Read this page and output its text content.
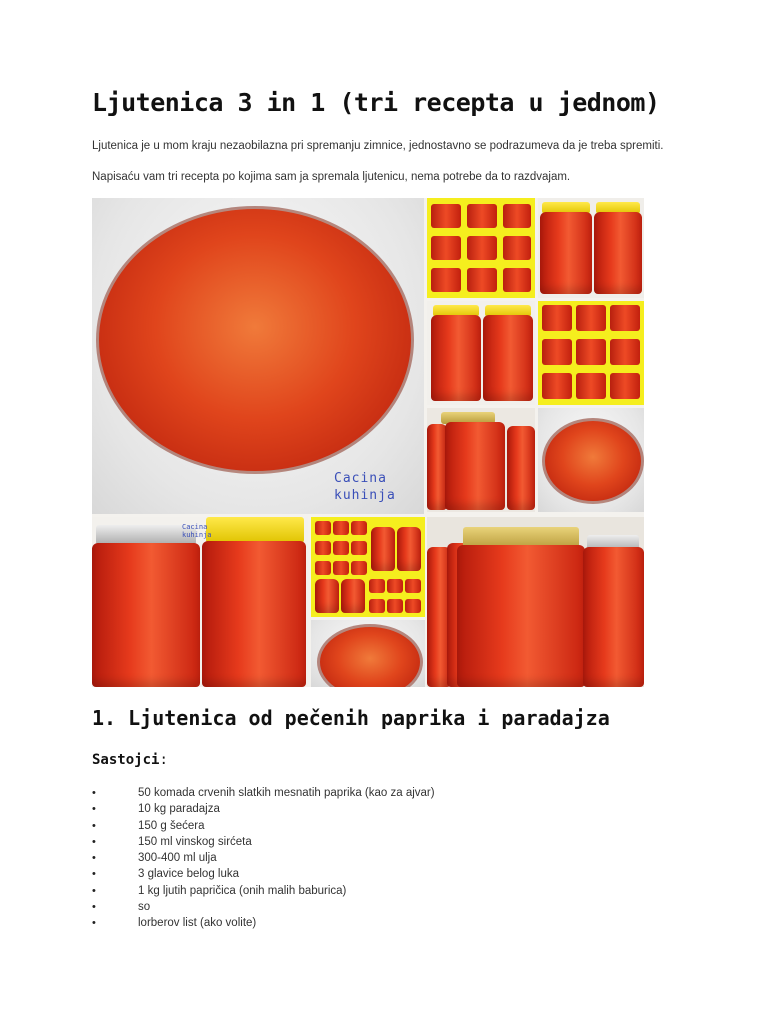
Ljutenica 3 in 1 (tri recepta u jednom)

Ljutenica je u mom kraju nezaobilazna pri spremanju zimnice, jednostavno se podrazumeva da je treba spremiti.

Napisaću vam tri recepta po kojima sam ja spremala ljutenicu, nema potrebe da to razdvajam.

Cacina
kuhinja
Cacina
kuhinja
1. Ljutenica od pečenih paprika i paradajza

Sastojci:

•	50 komada crvenih slatkih mesnatih paprika (kao za ajvar)
•	10 kg paradajza
•	150 g šećera
•	150 ml vinskog sirćeta
•	300-400 ml ulja
•	3 glavice belog luka
•	1 kg ljutih papričica (onih malih baburica)
•	so
•	lorberov list (ako volite)
